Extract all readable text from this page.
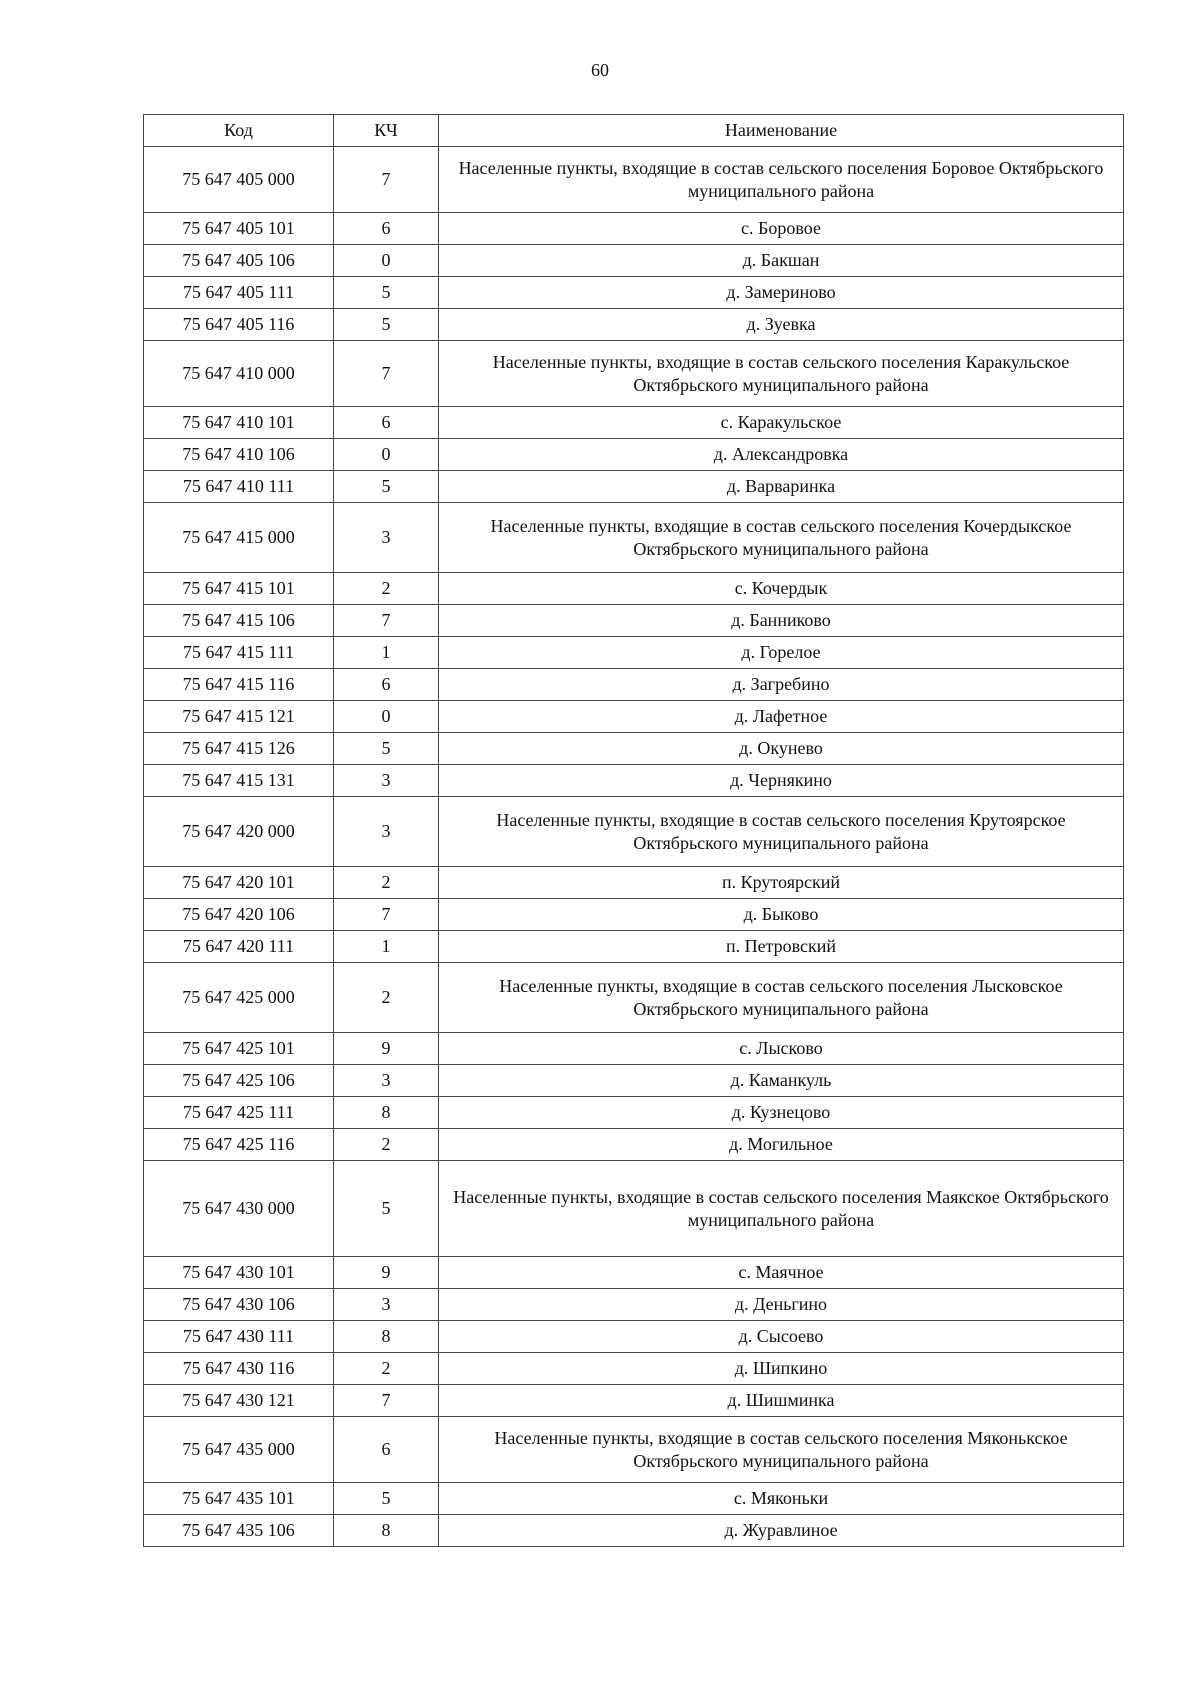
60
Код	КЧ	Наименование
75 647 405 000	7	Населенные пункты, входящие в состав сельского поселения Боровое Октябрьского муниципального района
75 647 405 101	6	с. Боровое
75 647 405 106	0	д. Бакшан
75 647 405 111	5	д. Замериново
75 647 405 116	5	д. Зуевка
75 647 410 000	7	Населенные пункты, входящие в состав сельского поселения Каракульское Октябрьского муниципального района
75 647 410 101	6	с. Каракульское
75 647 410 106	0	д. Александровка
75 647 410 111	5	д. Варваринка
75 647 415 000	3	Населенные пункты, входящие в состав сельского поселения Кочердыкское Октябрьского муниципального района
75 647 415 101	2	с. Кочердык
75 647 415 106	7	д. Банниково
75 647 415 111	1	д. Горелое
75 647 415 116	6	д. Загребино
75 647 415 121	0	д. Лафетное
75 647 415 126	5	д. Окунево
75 647 415 131	3	д. Чернякино
75 647 420 000	3	Населенные пункты, входящие в состав сельского поселения Крутоярское Октябрьского муниципального района
75 647 420 101	2	п. Крутоярский
75 647 420 106	7	д. Быково
75 647 420 111	1	п. Петровский
75 647 425 000	2	Населенные пункты, входящие в состав сельского поселения Лысковское Октябрьского муниципального района
75 647 425 101	9	с. Лысково
75 647 425 106	3	д. Каманкуль
75 647 425 111	8	д. Кузнецово
75 647 425 116	2	д. Могильное
75 647 430 000	5	Населенные пункты, входящие в состав сельского поселения Маякское Октябрьского муниципального района
75 647 430 101	9	с. Маячное
75 647 430 106	3	д. Деньгино
75 647 430 111	8	д. Сысоево
75 647 430 116	2	д. Шипкино
75 647 430 121	7	д. Шишминка
75 647 435 000	6	Населенные пункты, входящие в состав сельского поселения Мяконькское Октябрьского муниципального района
75 647 435 101	5	с. Мяконьки
75 647 435 106	8	д. Журавлиное
